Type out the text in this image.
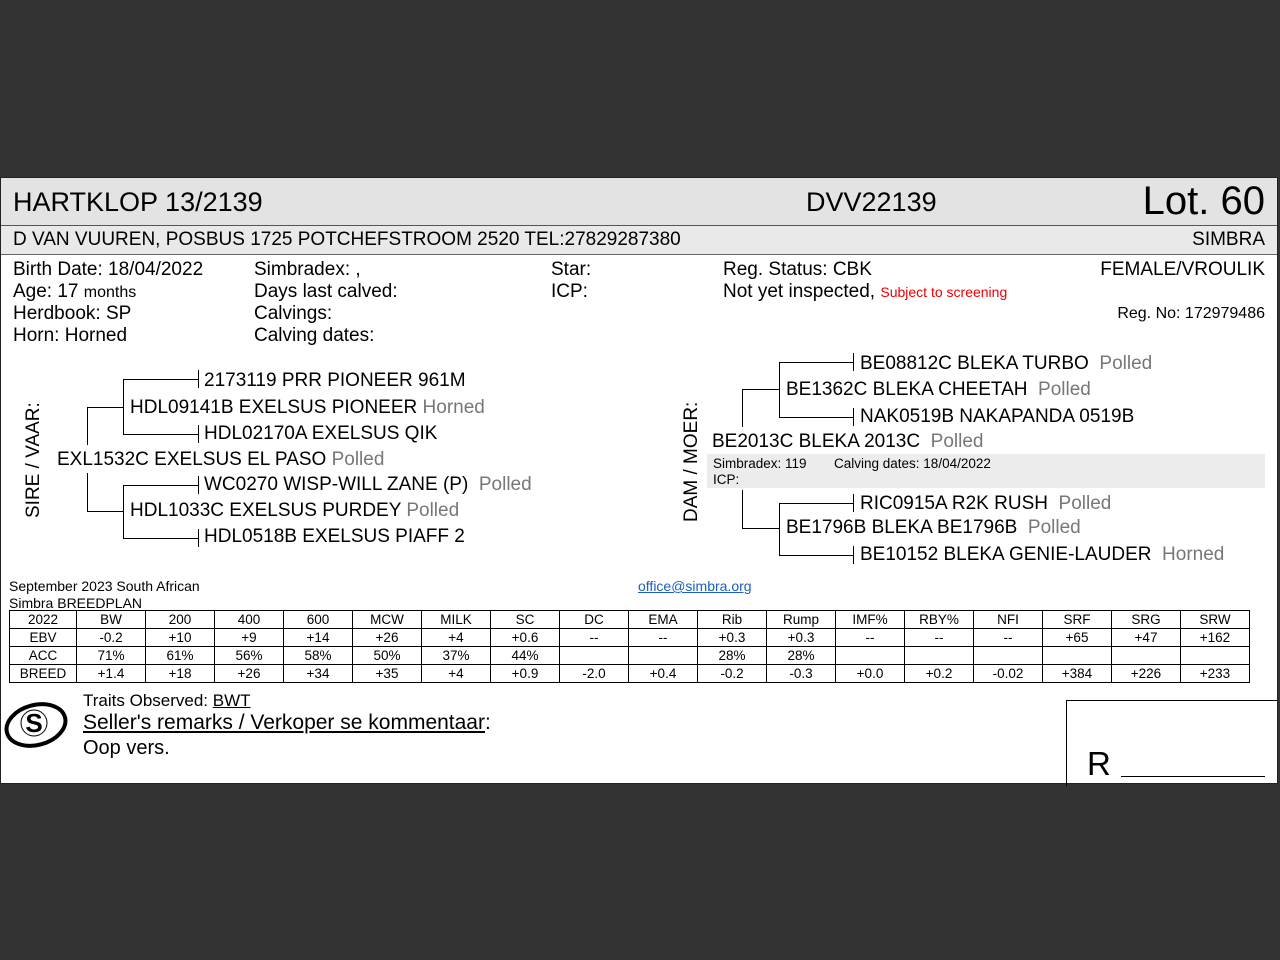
HARTKLOP 13/2139	DVV22139	Lot. 60
D VAN VUUREN, POSBUS 1725 POTCHEFSTROOM 2520 TEL:27829287380	SIMBRA
Birth Date: 18/04/2022
Age: 17 months
Herdbook: SP
Horn: Horned
Simbradex: ,
Days last calved:
Calvings:
Calving dates:
Star:
ICP:
Reg. Status: CBK
Not yet inspected, Subject to screening
FEMALE/VROULIK
Reg. No: 172979486
SIRE / VAAR:
2173119 PRR PIONEER 961M
HDL09141B EXELSUS PIONEER Horned
HDL02170A EXELSUS QIK
EXL1532C EXELSUS EL PASO Polled
WC0270 WISP-WILL ZANE (P) Polled
HDL1033C EXELSUS PURDEY Polled
HDL0518B EXELSUS PIAFF 2
DAM / MOER:
BE08812C BLEKA TURBO Polled
BE1362C BLEKA CHEETAH Polled
NAK0519B NAKAPANDA 0519B
BE2013C BLEKA 2013C Polled
Simbradex: 119 Calving dates: 18/04/2022
ICP:
RIC0915A R2K RUSH Polled
BE1796B BLEKA BE1796B Polled
BE10152 BLEKA GENIE-LAUDER Horned
September 2023 South African
Simbra BREEDPLAN
office@simbra.org
2022	BW	200	400	600	MCW	MILK	SC	DC	EMA	Rib	Rump	IMF%	RBY%	NFI	SRF	SRG	SRW
EBV	-0.2	+10	+9	+14	+26	+4	+0.6	--	--	+0.3	+0.3	--	--	--	+65	+47	+162
ACC	71%	61%	56%	58%	50%	37%	44%			28%	28%						
BREED	+1.4	+18	+26	+34	+35	+4	+0.9	-2.0	+0.4	-0.2	-0.3	+0.0	+0.2	-0.02	+384	+226	+233
S
Traits Observed: BWT
Seller's remarks / Verkoper se kommentaar:
Oop vers.	R
